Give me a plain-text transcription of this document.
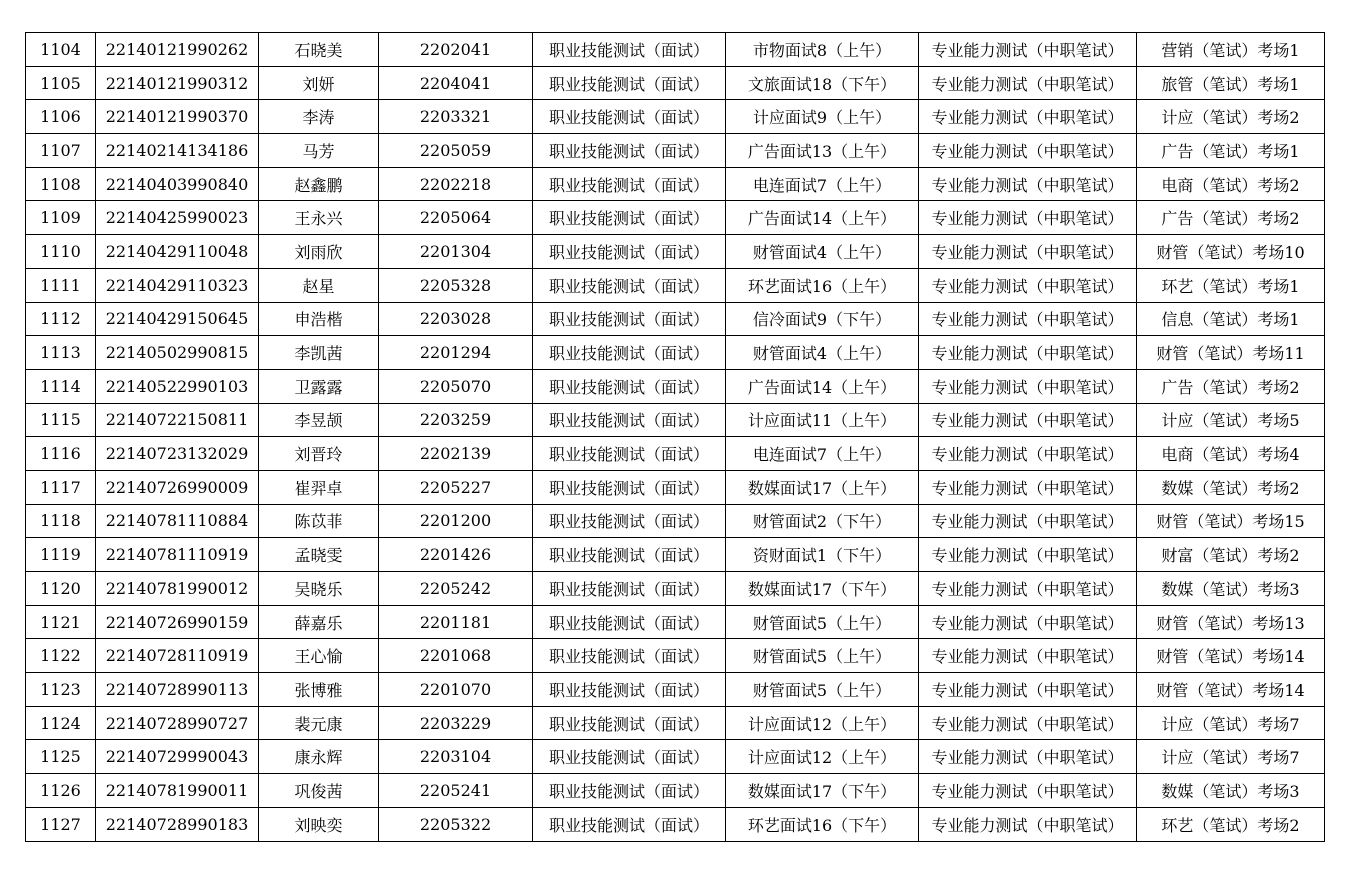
1104	22140121990262	石晓美	2202041	职业技能测试（面试）	市物面试8（上午）	专业能力测试（中职笔试）	营销（笔试）考场1
1105	22140121990312	刘妍	2204041	职业技能测试（面试）	文旅面试18（下午）	专业能力测试（中职笔试）	旅管（笔试）考场1
1106	22140121990370	李涛	2203321	职业技能测试（面试）	计应面试9（上午）	专业能力测试（中职笔试）	计应（笔试）考场2
1107	22140214134186	马芳	2205059	职业技能测试（面试）	广告面试13（上午）	专业能力测试（中职笔试）	广告（笔试）考场1
1108	22140403990840	赵鑫鹏	2202218	职业技能测试（面试）	电连面试7（上午）	专业能力测试（中职笔试）	电商（笔试）考场2
1109	22140425990023	王永兴	2205064	职业技能测试（面试）	广告面试14（上午）	专业能力测试（中职笔试）	广告（笔试）考场2
1110	22140429110048	刘雨欣	2201304	职业技能测试（面试）	财管面试4（上午）	专业能力测试（中职笔试）	财管（笔试）考场10
1111	22140429110323	赵星	2205328	职业技能测试（面试）	环艺面试16（上午）	专业能力测试（中职笔试）	环艺（笔试）考场1
1112	22140429150645	申浩楷	2203028	职业技能测试（面试）	信冷面试9（下午）	专业能力测试（中职笔试）	信息（笔试）考场1
1113	22140502990815	李凯茜	2201294	职业技能测试（面试）	财管面试4（上午）	专业能力测试（中职笔试）	财管（笔试）考场11
1114	22140522990103	卫露露	2205070	职业技能测试（面试）	广告面试14（上午）	专业能力测试（中职笔试）	广告（笔试）考场2
1115	22140722150811	李昱颉	2203259	职业技能测试（面试）	计应面试11（上午）	专业能力测试（中职笔试）	计应（笔试）考场5
1116	22140723132029	刘晋玲	2202139	职业技能测试（面试）	电连面试7（上午）	专业能力测试（中职笔试）	电商（笔试）考场4
1117	22140726990009	崔羿卓	2205227	职业技能测试（面试）	数媒面试17（上午）	专业能力测试（中职笔试）	数媒（笔试）考场2
1118	22140781110884	陈苡菲	2201200	职业技能测试（面试）	财管面试2（下午）	专业能力测试（中职笔试）	财管（笔试）考场15
1119	22140781110919	孟晓雯	2201426	职业技能测试（面试）	资财面试1（下午）	专业能力测试（中职笔试）	财富（笔试）考场2
1120	22140781990012	吴晓乐	2205242	职业技能测试（面试）	数媒面试17（下午）	专业能力测试（中职笔试）	数媒（笔试）考场3
1121	22140726990159	薛嘉乐	2201181	职业技能测试（面试）	财管面试5（上午）	专业能力测试（中职笔试）	财管（笔试）考场13
1122	22140728110919	王心愉	2201068	职业技能测试（面试）	财管面试5（上午）	专业能力测试（中职笔试）	财管（笔试）考场14
1123	22140728990113	张博雅	2201070	职业技能测试（面试）	财管面试5（上午）	专业能力测试（中职笔试）	财管（笔试）考场14
1124	22140728990727	裴元康	2203229	职业技能测试（面试）	计应面试12（上午）	专业能力测试（中职笔试）	计应（笔试）考场7
1125	22140729990043	康永辉	2203104	职业技能测试（面试）	计应面试12（上午）	专业能力测试（中职笔试）	计应（笔试）考场7
1126	22140781990011	巩俊茜	2205241	职业技能测试（面试）	数媒面试17（下午）	专业能力测试（中职笔试）	数媒（笔试）考场3
1127	22140728990183	刘映奕	2205322	职业技能测试（面试）	环艺面试16（下午）	专业能力测试（中职笔试）	环艺（笔试）考场2
